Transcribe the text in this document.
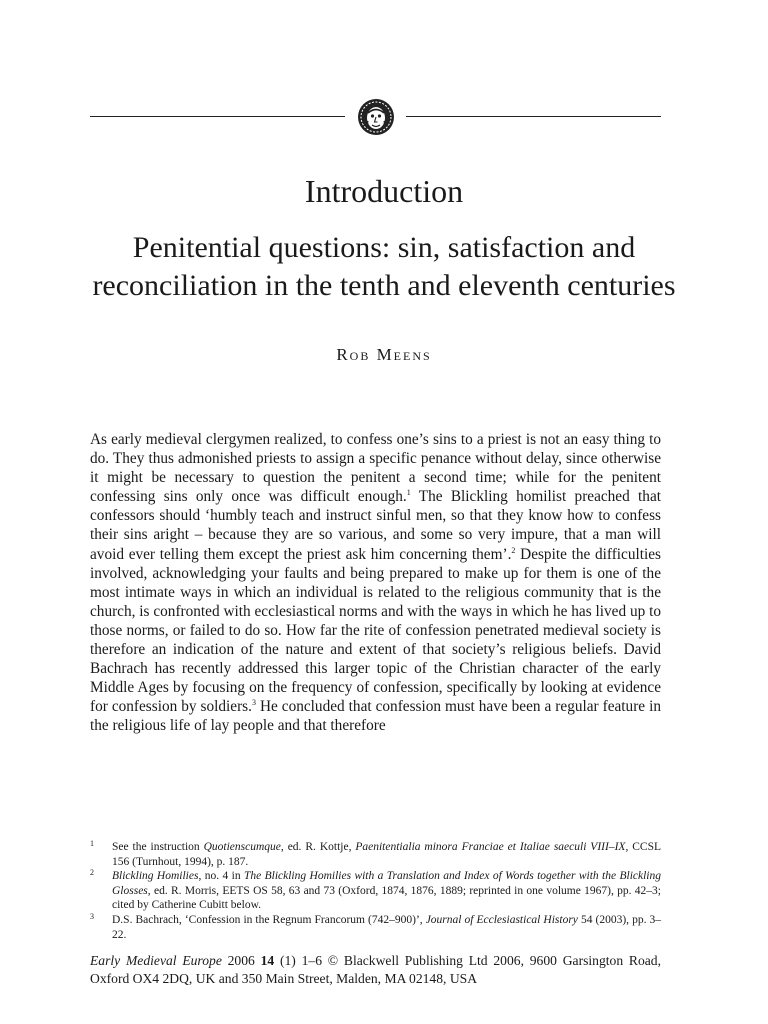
Introduction
Penitential questions: sin, satisfaction and reconciliation in the tenth and eleventh centuries
Rob Meens

As early medieval clergymen realized, to confess one’s sins to a priest is not an easy thing to do. They thus admonished priests to assign a specific penance without delay, since otherwise it might be necessary to question the penitent a second time; while for the penitent confessing sins only once was difficult enough.$^1$ The Blickling homilist preached that confessors should ‘humbly teach and instruct sinful men, so that they know how to confess their sins aright – because they are so various, and some so very impure, that a man will avoid ever telling them except the priest ask him concerning them’.$^2$ Despite the difficulties involved, acknowledging your faults and being prepared to make up for them is one of the most intimate ways in which an individual is related to the religious community that is the church, is confronted with ecclesiastical norms and with the ways in which he has lived up to those norms, or failed to do so. How far the rite of confession penetrated medieval society is therefore an indication of the nature and extent of that society’s religious beliefs. David Bachrach has recently addressed this larger topic of the Christian character of the early Middle Ages by focusing on the frequency of confession, specifically by looking at evidence for confession by soldiers.$^3$ He concluded that confession must have been a regular feature in the religious life of lay people and that therefore

1 See the instruction Quotienscumque, ed. R. Kottje, Paenitentialia minora Franciae et Italiae saeculi VIII–IX, CCSL 156 (Turnhout, 1994), p. 187.
2 Blickling Homilies, no. 4 in The Blickling Homilies with a Translation and Index of Words together with the Blickling Glosses, ed. R. Morris, EETS OS 58, 63 and 73 (Oxford, 1874, 1876, 1889; reprinted in one volume 1967), pp. 42–3; cited by Catherine Cubitt below.
3 D.S. Bachrach, ‘Confession in the Regnum Francorum (742–900)’, Journal of Ecclesiastical History 54 (2003), pp. 3–22.
Early Medieval Europe 2006 14 (1) 1–6 © Blackwell Publishing Ltd 2006, 9600 Garsington Road, Oxford OX4 2DQ, UK and 350 Main Street, Malden, MA 02148, USA
